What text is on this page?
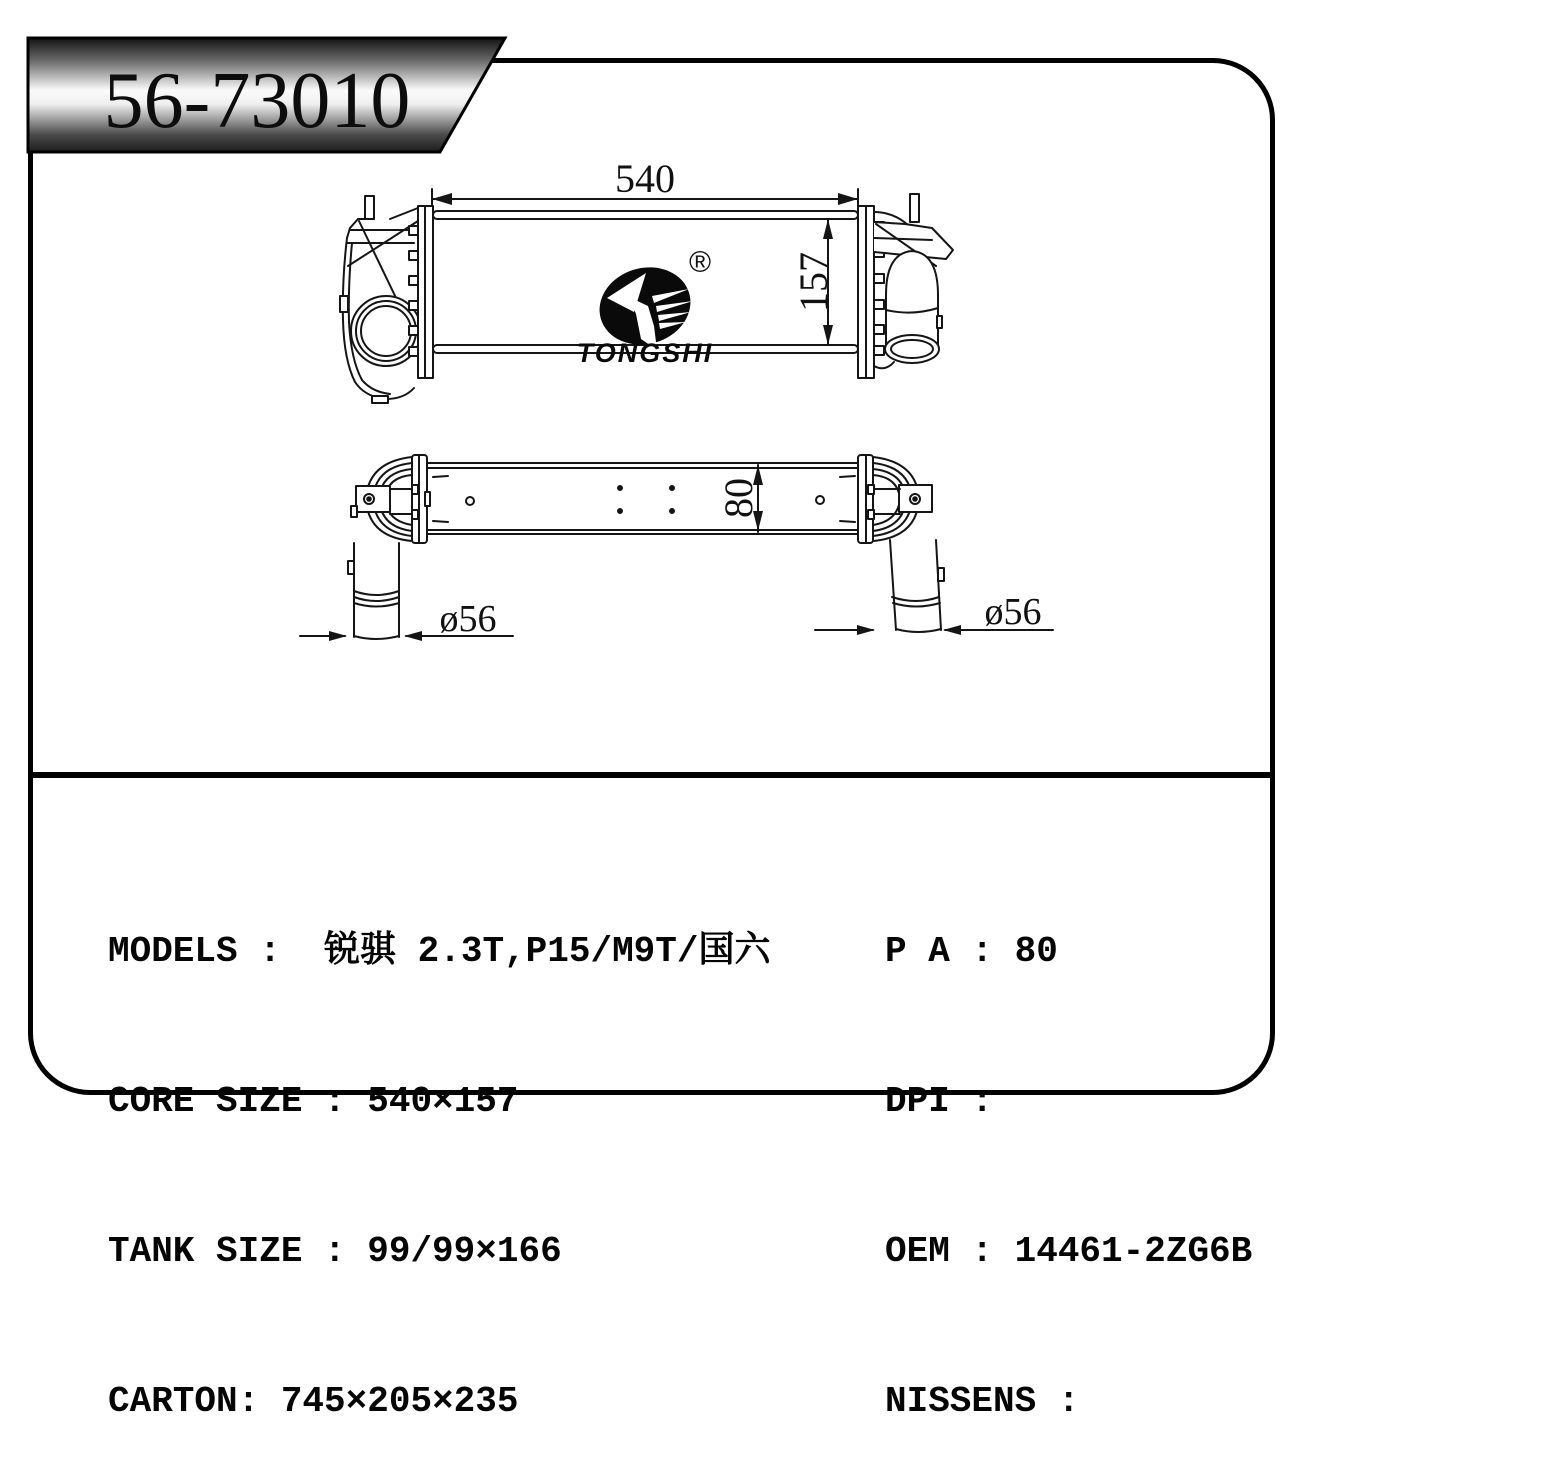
56-73010
540
157
®
TONGSHI
80
ø56	ø56

MODELS :  锐骐 2.3T,P15/M9T/国六

CORE SIZE : 540×157

TANK SIZE : 99/99×166

CARTON: 745×205×235

P A : 80

DPI :

OEM : 14461-2ZG6B

NISSENS :
